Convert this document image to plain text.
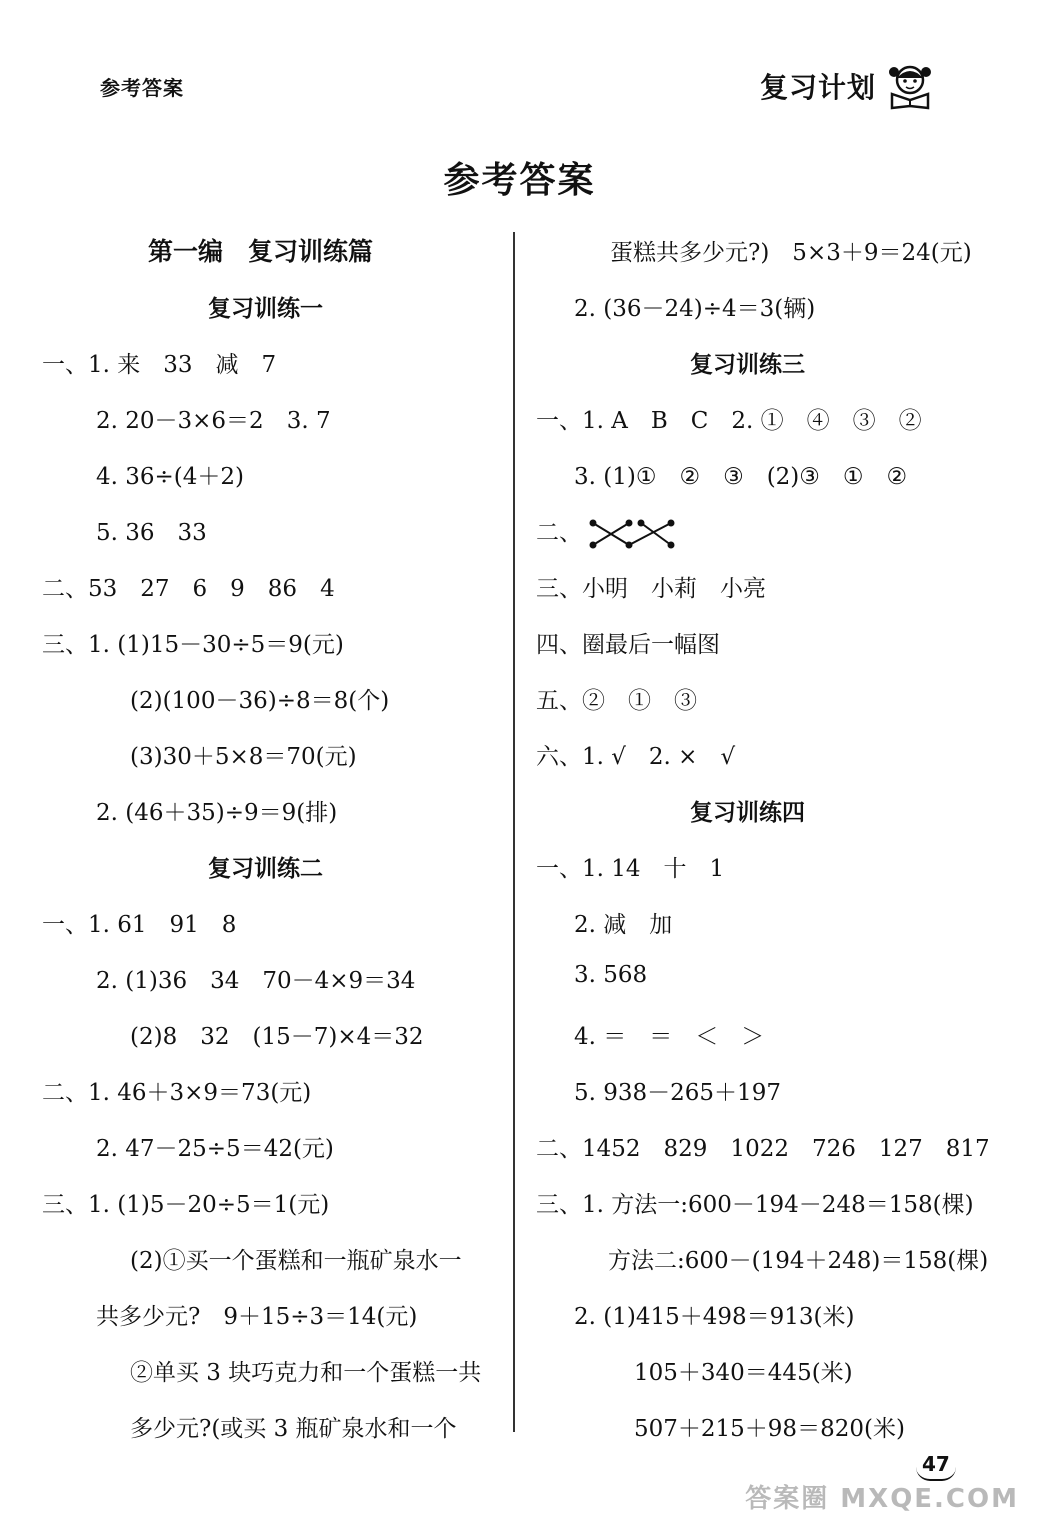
参考答案	复习计划
参考答案
第一编　复习训练篇
复习训练一
一、1. 来　33　减　7
2. 20－3×6＝2　3. 7
4. 36÷(4＋2)
5. 36　33
二、53　27　6　9　86　4
三、1. (1)15－30÷5＝9(元)
(2)(100－36)÷8＝8(个)
(3)30＋5×8＝70(元)
2. (46＋35)÷9＝9(排)
复习训练二
一、1. 61　91　8
2. (1)36　34　70－4×9＝34
(2)8　32　(15－7)×4＝32
二、1. 46＋3×9＝73(元)
2. 47－25÷5＝42(元)
三、1. (1)5－20÷5＝1(元)
(2)①买一个蛋糕和一瓶矿泉水一
共多少元?　9＋15÷3＝14(元)
②单买 3 块巧克力和一个蛋糕一共
多少元?(或买 3 瓶矿泉水和一个
蛋糕共多少元?)　5×3＋9＝24(元)
2. (36－24)÷4＝3(辆)
复习训练三
一、1. A　B　C　2. ①　④　③　②
3. (1)①　②　③　(2)③　①　②
二、
三、小明　小莉　小亮
四、圈最后一幅图
五、②　①　③
六、1. √　2. ×　√
复习训练四
一、1. 14　十　1
2. 减　加
3. 568
4. ＝　＝　＜　＞
5. 938－265＋197
二、1452　829　1022　726　127　817
三、1. 方法一:600－194－248＝158(棵)
方法二:600－(194＋248)＝158(棵)
2. (1)415＋498＝913(米)
105＋340＝445(米)
507＋215＋98＝820(米)
47
答案圈 MXQE.COM
